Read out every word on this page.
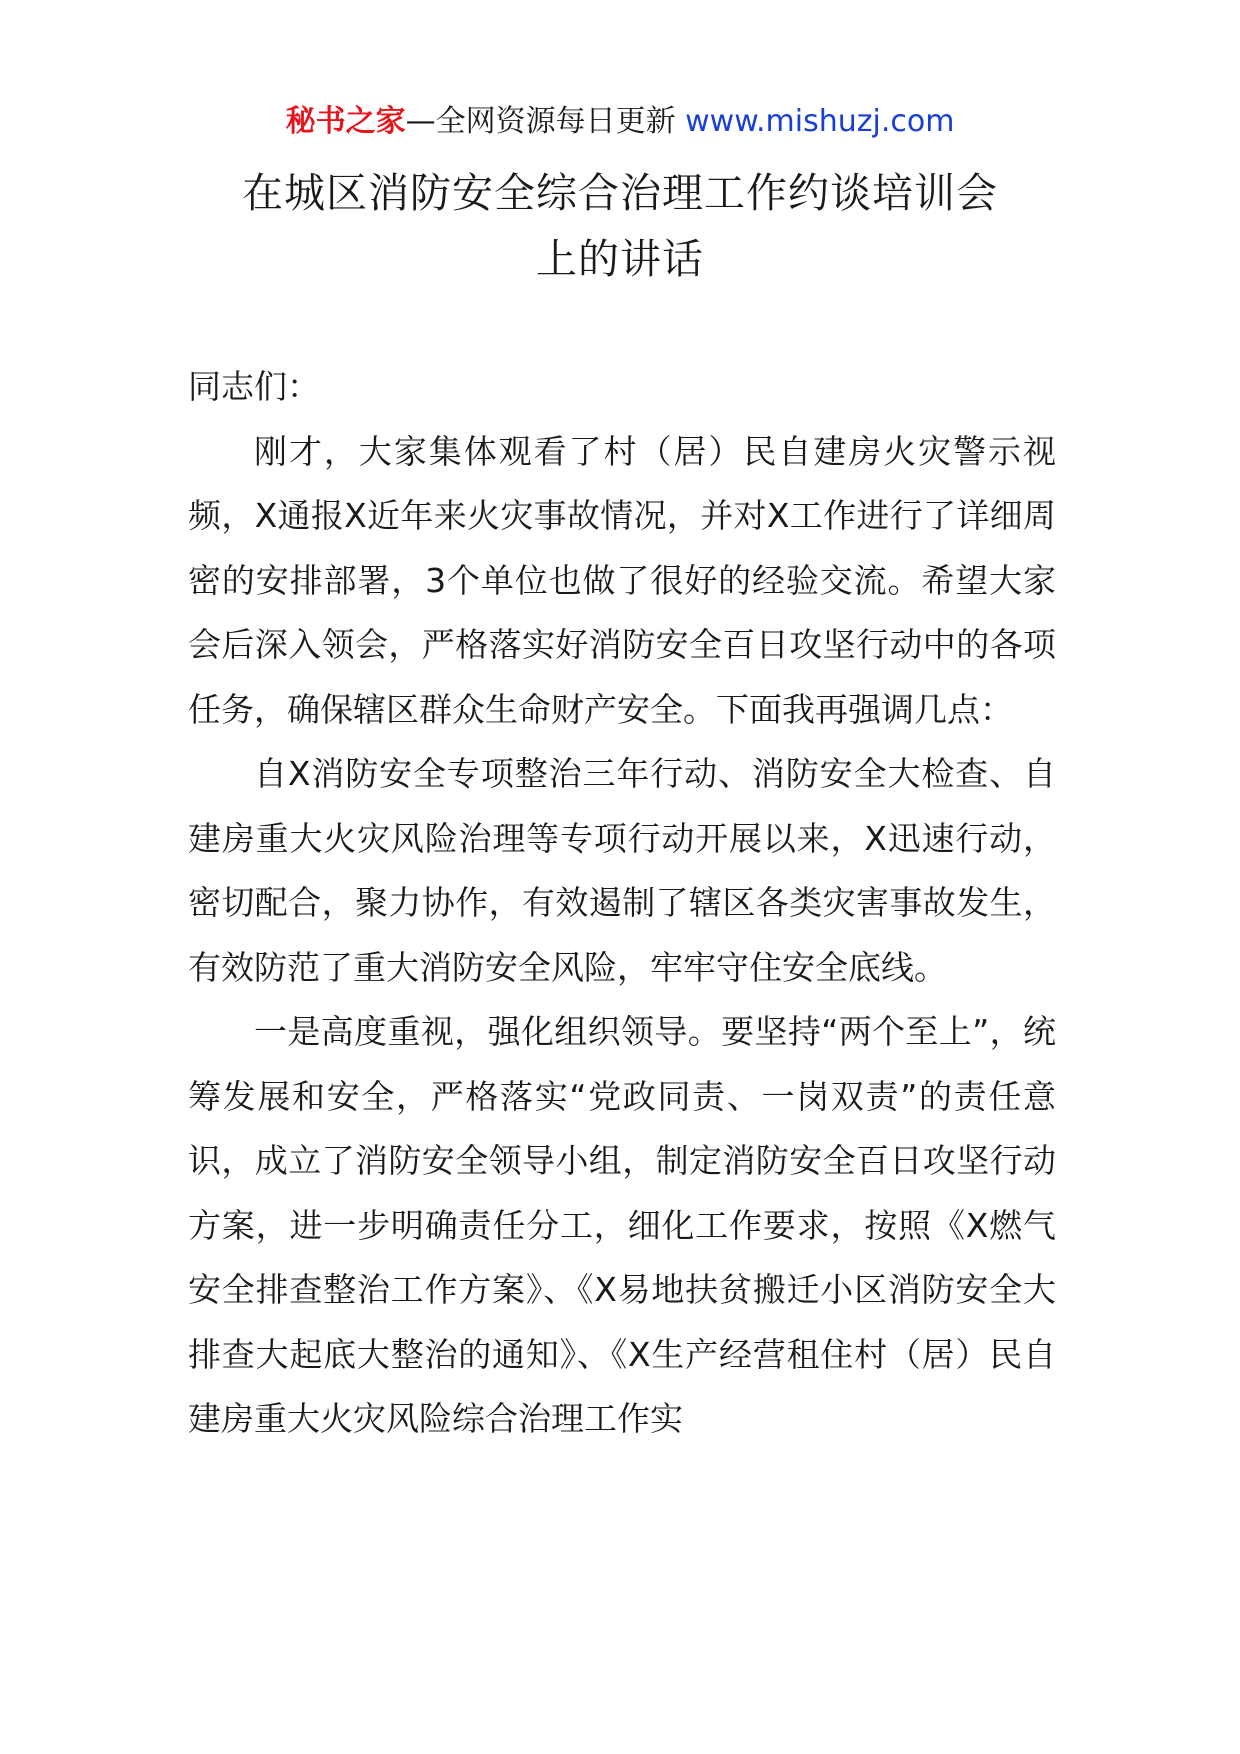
秘书之家—全网资源每日更新 www.mishuzj.com
在城区消防安全综合治理工作约谈培训会
上的讲话

同志们：

刚才，大家集体观看了村（居）民自建房火灾警示视频，X通报X近年来火灾事故情况，并对X工作进行了详细周密的安排部署，3个单位也做了很好的经验交流。希望大家会后深入领会，严格落实好消防安全百日攻坚行动中的各项任务，确保辖区群众生命财产安全。下面我再强调几点：

自X消防安全专项整治三年行动、消防安全大检查、自建房重大火灾风险治理等专项行动开展以来，X迅速行动，密切配合，聚力协作，有效遏制了辖区各类灾害事故发生，有效防范了重大消防安全风险，牢牢守住安全底线。

一是高度重视，强化组织领导。要坚持“两个至上”，统筹发展和安全，严格落实“党政同责、一岗双责”的责任意识，成立了消防安全领导小组，制定消防安全百日攻坚行动方案，进一步明确责任分工，细化工作要求，按照《X燃气安全排查整治工作方案》、《X易地扶贫搬迁小区消防安全大排查大起底大整治的通知》、《X生产经营租住村（居）民自建房重大火灾风险综合治理工作实
